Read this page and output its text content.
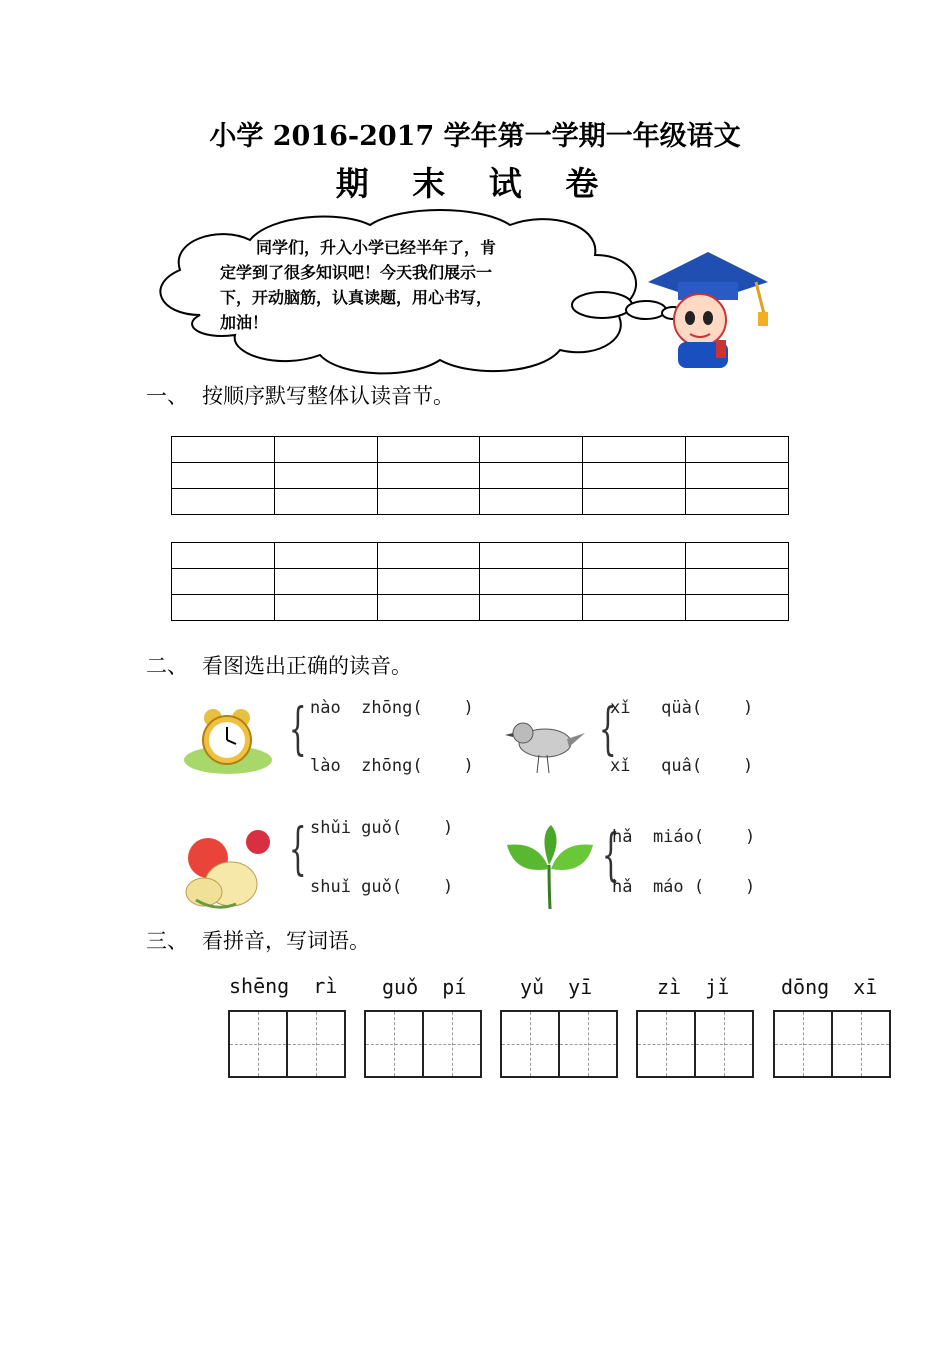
小学 2016-2017 学年第一学期一年级语文
期 末 试 卷
同学们，升入小学已经半年了，肯定学到了很多知识吧！今天我们展示一下，开动脑筋，认真读题，用心书写，加油！
一、 按顺序默写整体认读音节。

二、 看图选出正确的读音。
{ nào  zhōng(    )
lào  zhōng(    )
{
xǐ   qüà(    )
xǐ   quâ(    )
{ shǔi guǒ(    )
shuǐ guǒ(    )	{
hǎ  miáo(    )
hǎ  máo (    )
三、 看拼音，写词语。
shēng  rì guǒ  pí	yǔ  yī	zì  jǐ	dōng  xī
